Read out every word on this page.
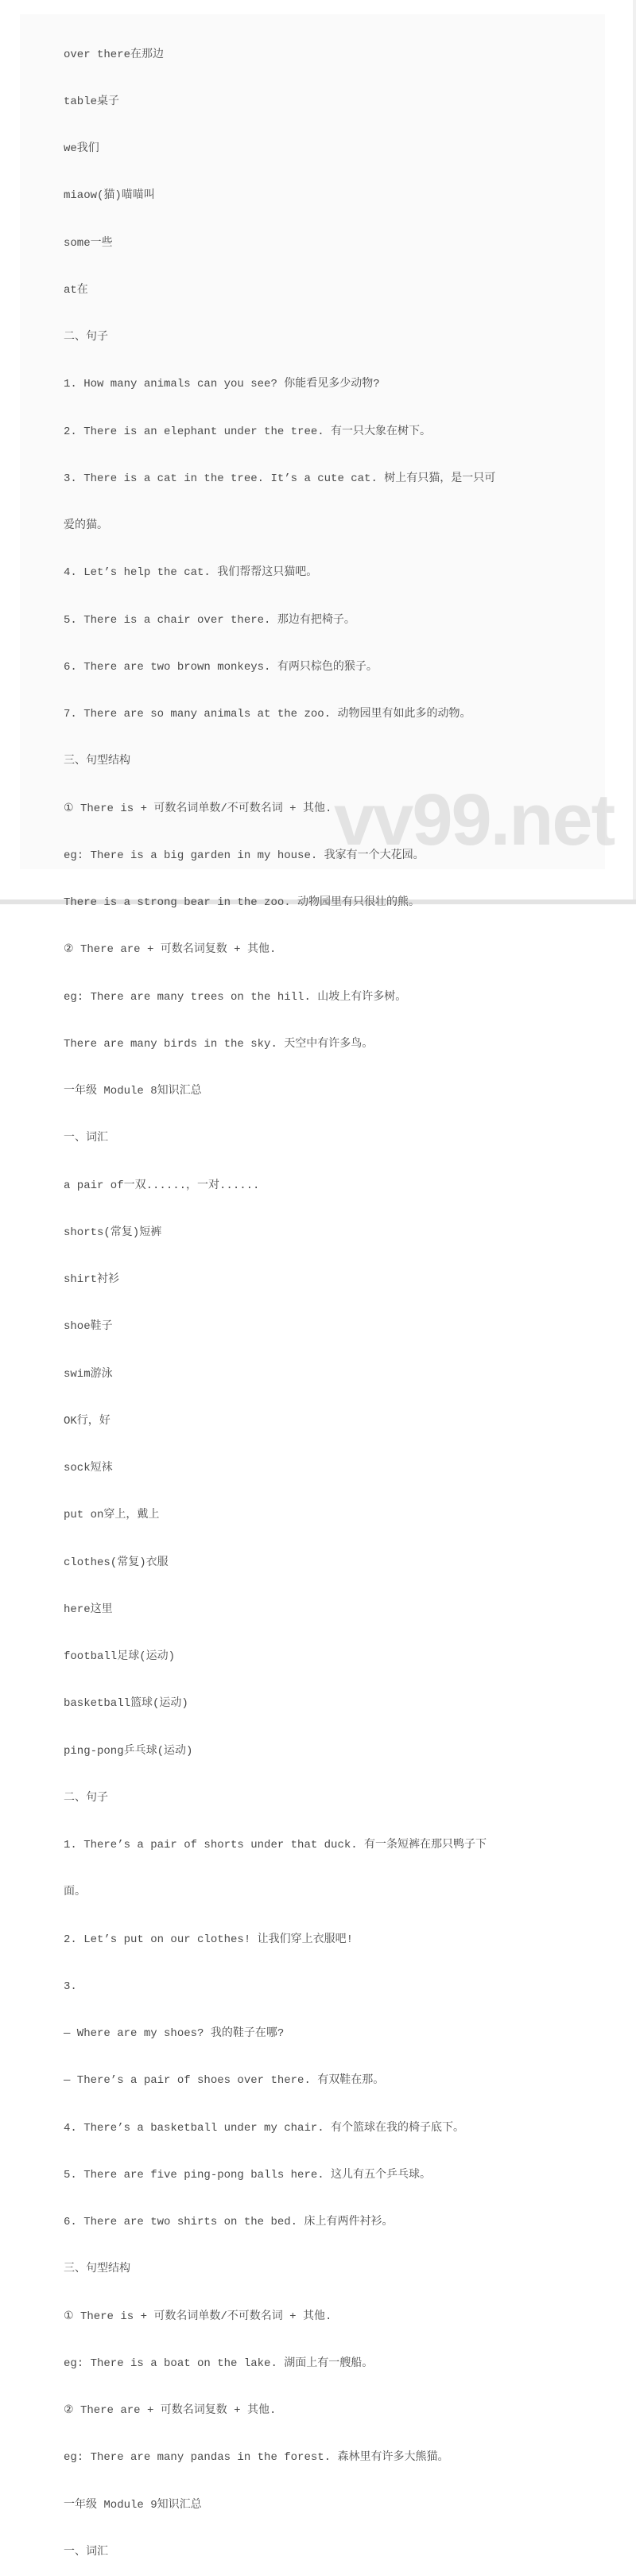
over there在那边

table桌子

we我们

miaow(猫)喵喵叫

some一些

at在

二、句子

1. How many animals can you see? 你能看见多少动物?

2. There is an elephant under the tree. 有一只大象在树下。

3. There is a cat in the tree. It’s a cute cat. 树上有只猫，是一只可

爱的猫。

4. Let’s help the cat. 我们帮帮这只猫吧。

5. There is a chair over there. 那边有把椅子。

6. There are two brown monkeys. 有两只棕色的猴子。

7. There are so many animals at the zoo. 动物园里有如此多的动物。

三、句型结构

① There is + 可数名词单数/不可数名词 + 其他.

eg: There is a big garden in my house. 我家有一个大花园。

There is a strong bear in the zoo. 动物园里有只很壮的熊。

② There are + 可数名词复数 + 其他.

eg: There are many trees on the hill. 山坡上有许多树。

There are many birds in the sky. 天空中有许多鸟。

一年级 Module 8知识汇总

一、词汇

a pair of一双......，一对......

shorts(常复)短裤

shirt衬衫

shoe鞋子

swim游泳

OK行，好

sock短袜

put on穿上，戴上

clothes(常复)衣服

here这里

football足球(运动)

basketball篮球(运动)

ping-pong乒乓球(运动)

二、句子

1. There’s a pair of shorts under that duck. 有一条短裤在那只鸭子下

面。

2. Let’s put on our clothes! 让我们穿上衣服吧!

3.

— Where are my shoes? 我的鞋子在哪?

— There’s a pair of shoes over there. 有双鞋在那。

4. There’s a basketball under my chair. 有个篮球在我的椅子底下。

5. There are five ping-pong balls here. 这儿有五个乒乓球。

6. There are two shirts on the bed. 床上有两件衬衫。

三、句型结构

① There is + 可数名词单数/不可数名词 + 其他.

eg: There is a boat on the lake. 湖面上有一艘船。

② There are + 可数名词复数 + 其他.

eg: There are many pandas in the forest. 森林里有许多大熊猫。

一年级 Module 9知识汇总

一、词汇

vv99.net
